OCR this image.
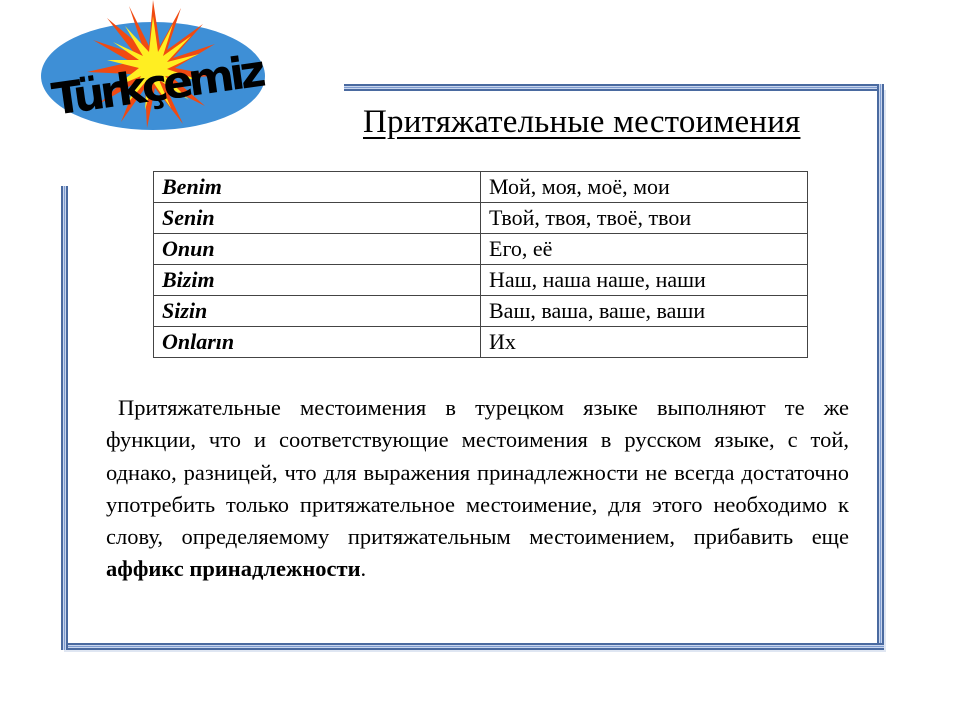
Türkçemiz
Притяжательные местоимения
Benim	Мой, моя, моё, мои
Senin	Твой, твоя, твоё, твои
Onun	Его, её
Bizim	Наш, наша наше, наши
Sizin	Ваш, ваша, ваше, ваши
Onların	Их
Притяжательные местоимения в турецком языке выполняют те же функции, что и соответствующие местоимения в русском языке, с той, однако, разницей, что для выражения принадлежности не всегда достаточно употребить только притяжательное местоимение, для этого необходимо к слову, определяемому притяжательным местоимением, прибавить еще аффикс принадлежности.
